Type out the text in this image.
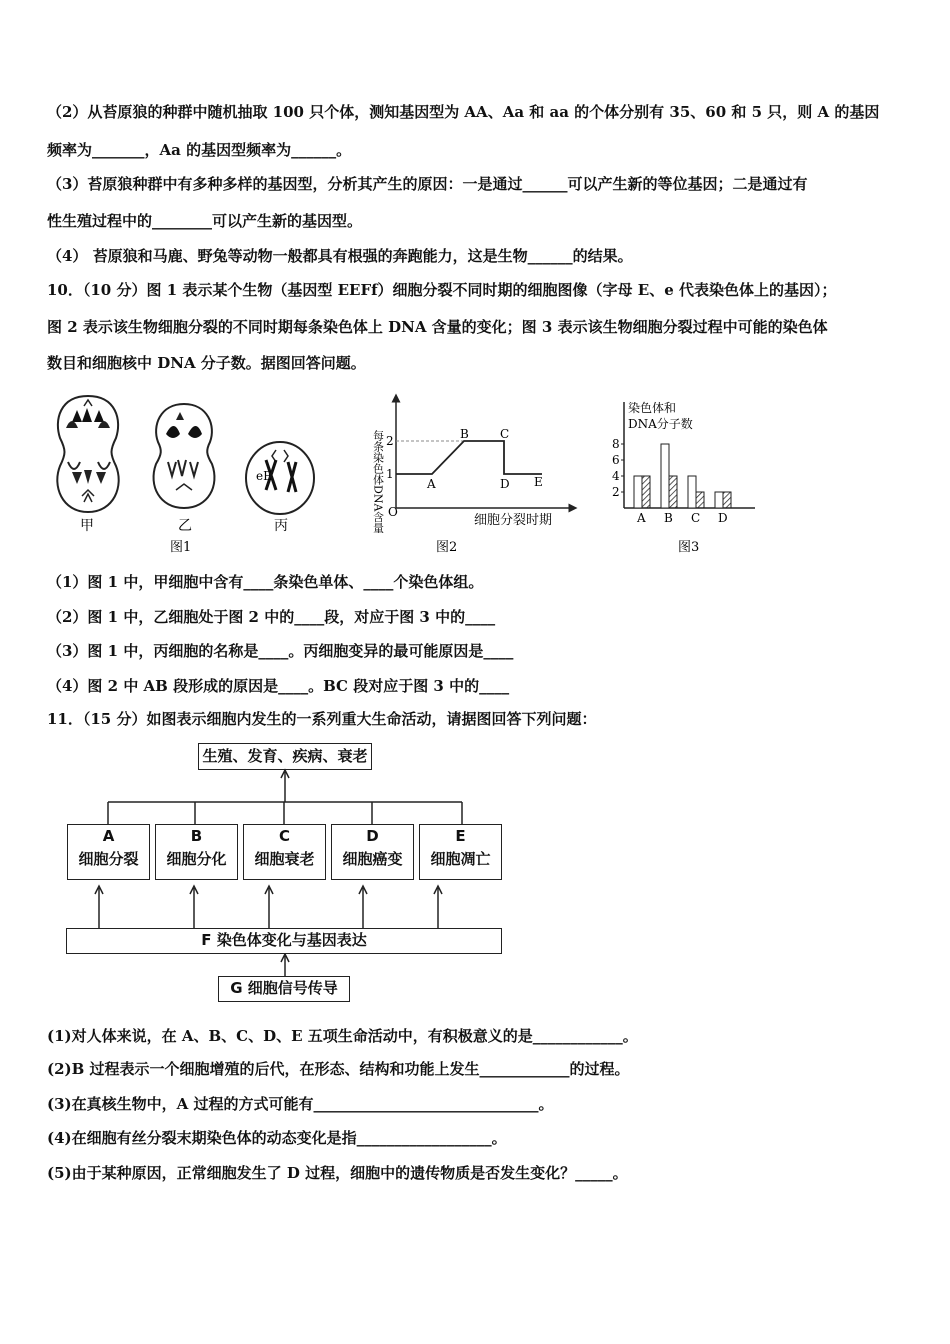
（2）从苔原狼的种群中随机抽取 100 只个体，测知基因型为 AA、Aa 和 aa 的个体分别有 35、60 和 5 只，则 A 的基因
频率为_______，Aa 的基因型频率为______。
（3）苔原狼种群中有多种多样的基因型，分析其产生的原因：一是通过______可以产生新的等位基因；二是通过有
性生殖过程中的________可以产生新的基因型。
（4） 苔原狼和马鹿、野兔等动物一般都具有根强的奔跑能力，这是生物______的结果。
10．（10 分）图 1 表示某个生物（基因型 EEFf）细胞分裂不同时期的细胞图像（字母 E、e 代表染色体上的基因）；
图 2 表示该生物细胞分裂的不同时期每条染色体上 DNA 含量的变化；图 3 表示该生物细胞分裂过程中可能的染色体
数目和细胞核中 DNA 分子数。据图回答问题。
eE
甲	乙	丙
图1
每条染色体DNA含量 O
1
2
A
B	C
D E
细胞分裂时期
图2
染色体和
DNA分子数
2
4
6
8
A B C D
图3
（1）图 1 中，甲细胞中含有____条染色单体、____个染色体组。
（2）图 1 中，乙细胞处于图 2 中的____段，对应于图 3 中的____
（3）图 1 中，丙细胞的名称是____。丙细胞变异的最可能原因是____
（4）图 2 中 AB 段形成的原因是____。BC 段对应于图 3 中的____
11．（15 分）如图表示细胞内发生的一系列重大生命活动，请据图回答下列问题：
生殖、发育、疾病、衰老
A
细胞分裂
B
细胞分化
C
细胞衰老
D
细胞癌变
E
细胞凋亡
F 染色体变化与基因表达
G 细胞信号传导
(1)对人体来说，在 A、B、C、D、E 五项生命活动中，有积极意义的是____________。
(2)B 过程表示一个细胞增殖的后代，在形态、结构和功能上发生____________的过程。
(3)在真核生物中，A 过程的方式可能有______________________________。
(4)在细胞有丝分裂末期染色体的动态变化是指__________________。
(5)由于某种原因，正常细胞发生了 D 过程，细胞中的遗传物质是否发生变化？_____。
